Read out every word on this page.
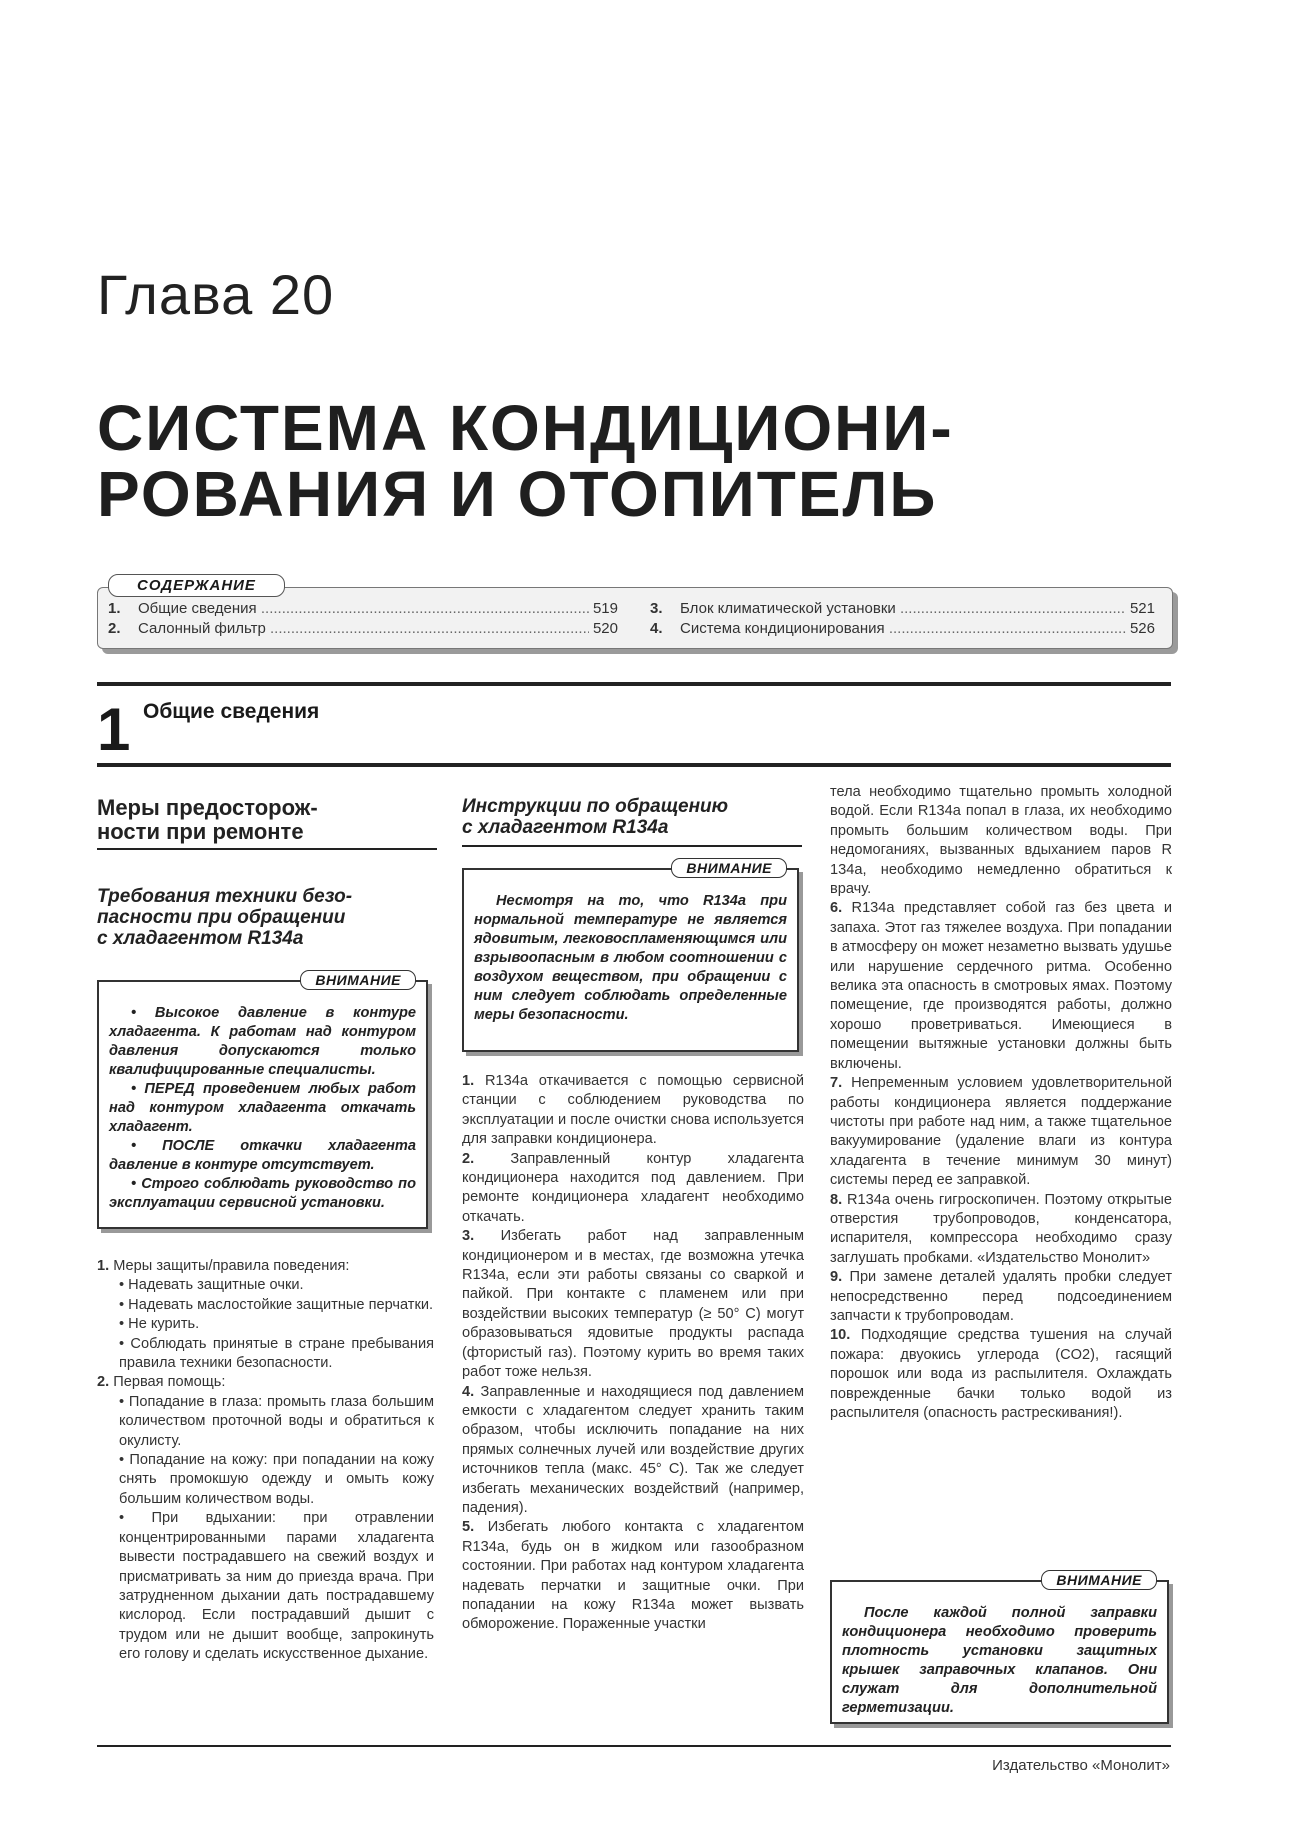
Глава 20
СИСТЕМА КОНДИЦИОНИ-
РОВАНИЯ И ОТОПИТЕЛЬ
СОДЕРЖАНИЕ
1.	Общие сведения .....	519
2.	Салонный фильтр .....	520
3.	Блок климатической установки .....	521
4.	Система кондиционирования .....	526
1 Общие сведения
Меры предосторож-
ности при ремонте
Требования техники безо-
пасности при обращении
с хладагентом R134a
ВНИМАНИЕ

• Высокое давление в контуре хладагента. К работам над контуром давления допускаются только квалифицированные специалисты.

• ПЕРЕД проведением любых работ над контуром хладагента откачать хладагент.

• ПОСЛЕ откачки хладагента давление в контуре отсутствует.

• Строго соблюдать руководство по эксплуатации сервисной установки.

1. Меры защиты/правила поведения:

• Надевать защитные очки.

• Надевать маслостойкие защитные перчатки.

• Не курить.

• Соблюдать принятые в стране пребывания правила техники безопасности.

2. Первая помощь:

• Попадание в глаза: промыть глаза большим количеством проточной воды и обратиться к окулисту.

• Попадание на кожу: при попадании на кожу снять промокшую одежду и омыть кожу большим количеством воды.

• При вдыхании: при отравлении концентрированными парами хладагента вывести пострадавшего на свежий воздух и присматривать за ним до приезда врача. При затрудненном дыхании дать пострадавшему кислород. Если пострадавший дышит с трудом или не дышит вообще, запрокинуть его голову и сделать искусственное дыхание.

Инструкции по обращению
с хладагентом R134a
ВНИМАНИЕ

Несмотря на то, что R134a при нормальной температуре не является ядовитым, легковоспламеняющимся или взрывоопасным в любом соотношении с воздухом веществом, при обращении с ним следует соблюдать определенные меры безопасности.

1. R134a откачивается с помощью сервисной станции с соблюдением руководства по эксплуатации и после очистки снова используется для заправки кондиционера.

2. Заправленный контур хладагента кондиционера находится под давлением. При ремонте кондиционера хладагент необходимо откачать.

3. Избегать работ над заправленным кондиционером и в местах, где возможна утечка R134a, если эти работы связаны со сваркой и пайкой. При контакте с пламенем или при воздействии высоких температур (≥ 50° С) могут образовываться ядовитые продукты распада (фтористый газ). Поэтому курить во время таких работ тоже нельзя.

4. Заправленные и находящиеся под давлением емкости с хладагентом следует хранить таким образом, чтобы исключить попадание на них прямых солнечных лучей или воздействие других источников тепла (макс. 45° С). Так же следует избегать механических воздействий (например, падения).

5. Избегать любого контакта с хладагентом R134a, будь он в жидком или газообразном состоянии. При работах над контуром хладагента надевать перчатки и защитные очки. При попадании на кожу R134a может вызвать обморожение. Пораженные участки

тела необходимо тщательно промыть холодной водой. Если R134a попал в глаза, их необходимо промыть большим количеством воды. При недомоганиях, вызванных вдыханием паров R 134a, необходимо немедленно обратиться к врачу.

6. R134a представляет собой газ без цвета и запаха. Этот газ тяжелее воздуха. При попадании в атмосферу он может незаметно вызвать удушье или нарушение сердечного ритма. Особенно велика эта опасность в смотровых ямах. Поэтому помещение, где производятся работы, должно хорошо проветриваться. Имеющиеся в помещении вытяжные установки должны быть включены.

7. Непременным условием удовлетворительной работы кондиционера является поддержание чистоты при работе над ним, а также тщательное вакуумирование (удаление влаги из контура хладагента в течение минимум 30 минут) системы перед ее заправкой.

8. R134a очень гигроскопичен. Поэтому открытые отверстия трубопроводов, конденсатора, испарителя, компрессора необходимо сразу заглушать пробками. «Издательство Монолит»

9. При замене деталей удалять пробки следует непосредственно перед подсоединением запчасти к трубопроводам.

10. Подходящие средства тушения на случай пожара: двуокись углерода (CO2), гасящий порошок или вода из распылителя. Охлаждать поврежденные бачки только водой из распылителя (опасность растрескивания!).

ВНИМАНИЕ

После каждой полной заправки кондиционера необходимо проверить плотность установки защитных крышек заправочных клапанов. Они служат для дополнительной герметизации.

Издательство «Монолит»
